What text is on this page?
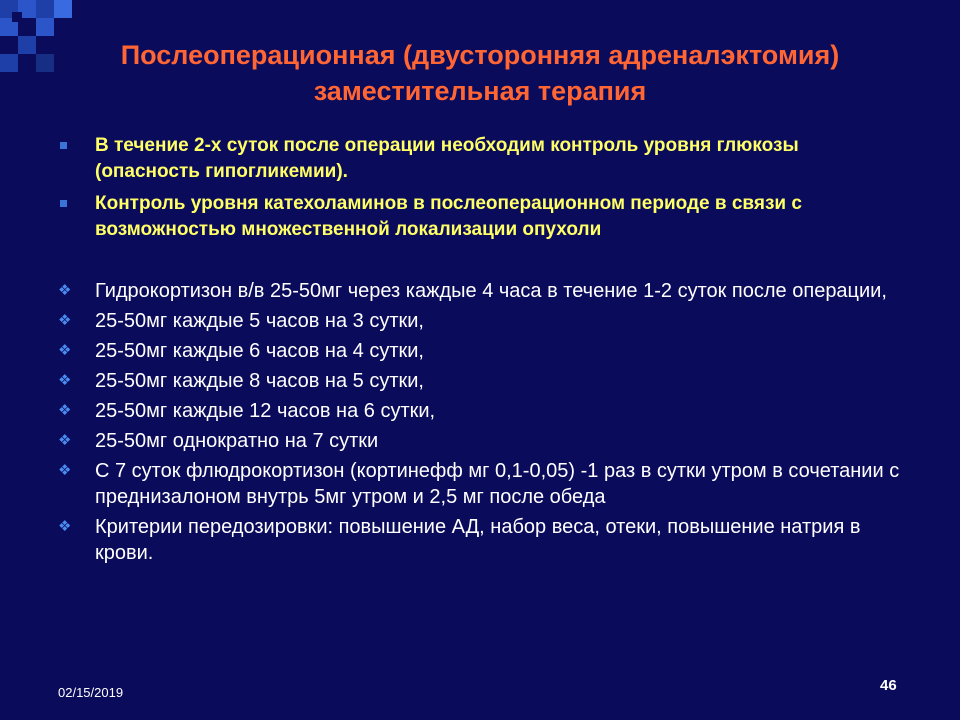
Послеоперационная (двусторонняя адреналэктомия) заместительная терапия
В течение 2-х суток после операции необходим контроль уровня глюкозы (опасность гипогликемии).
Контроль уровня катехоламинов в послеоперационном периоде в связи с возможностью множественной локализации опухоли
❖ Гидрокортизон в/в 25-50мг через каждые 4 часа в течение 1-2 суток после операции,
❖ 25-50мг каждые 5 часов на 3 сутки,
❖ 25-50мг каждые 6 часов на 4 сутки,
❖ 25-50мг каждые 8 часов на 5 сутки,
❖ 25-50мг каждые 12 часов на 6 сутки,
❖ 25-50мг однократно на 7 сутки
❖ С 7 суток флюдрокортизон (кортинефф мг 0,1-0,05) -1 раз в сутки утром в сочетании с преднизалоном внутрь 5мг утром и 2,5 мг после обеда
❖ Критерии передозировки: повышение АД, набор веса, отеки, повышение натрия в крови.
02/15/2019	46
